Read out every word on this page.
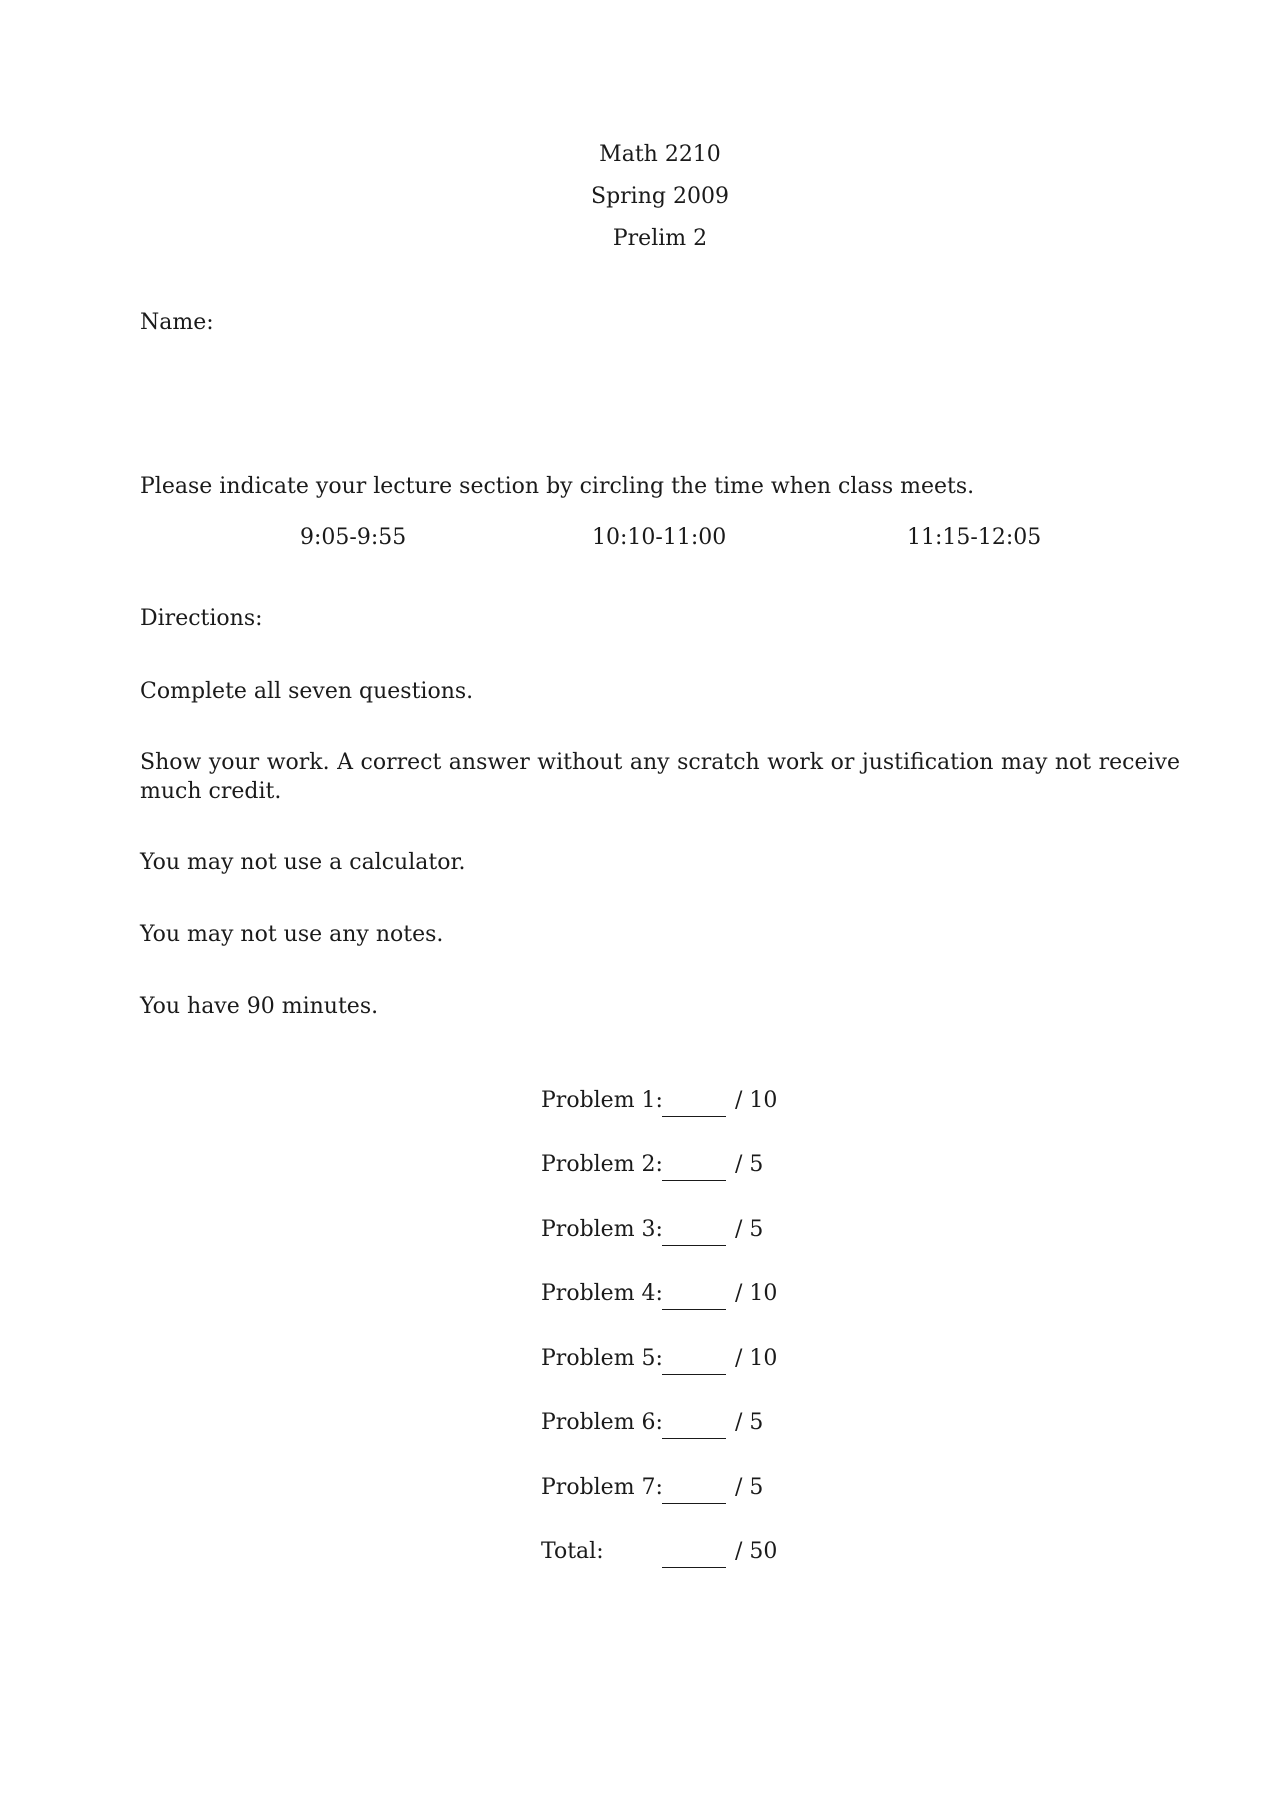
Math 2210
Spring 2009
Prelim 2
Name:
Please indicate your lecture section by circling the time when class meets.
9:05-9:55	10:10-11:00	11:15-12:05
Directions:
Complete all seven questions.
Show your work. A correct answer without any scratch work or justification may not receive much credit.
You may not use a calculator.
You may not use any notes.
You have 90 minutes.
Problem 1:	/ 10
Problem 2:	/ 5
Problem 3:	/ 5
Problem 4:	/ 10
Problem 5:	/ 10
Problem 6:	/ 5
Problem 7:	/ 5
Total:	/ 50
